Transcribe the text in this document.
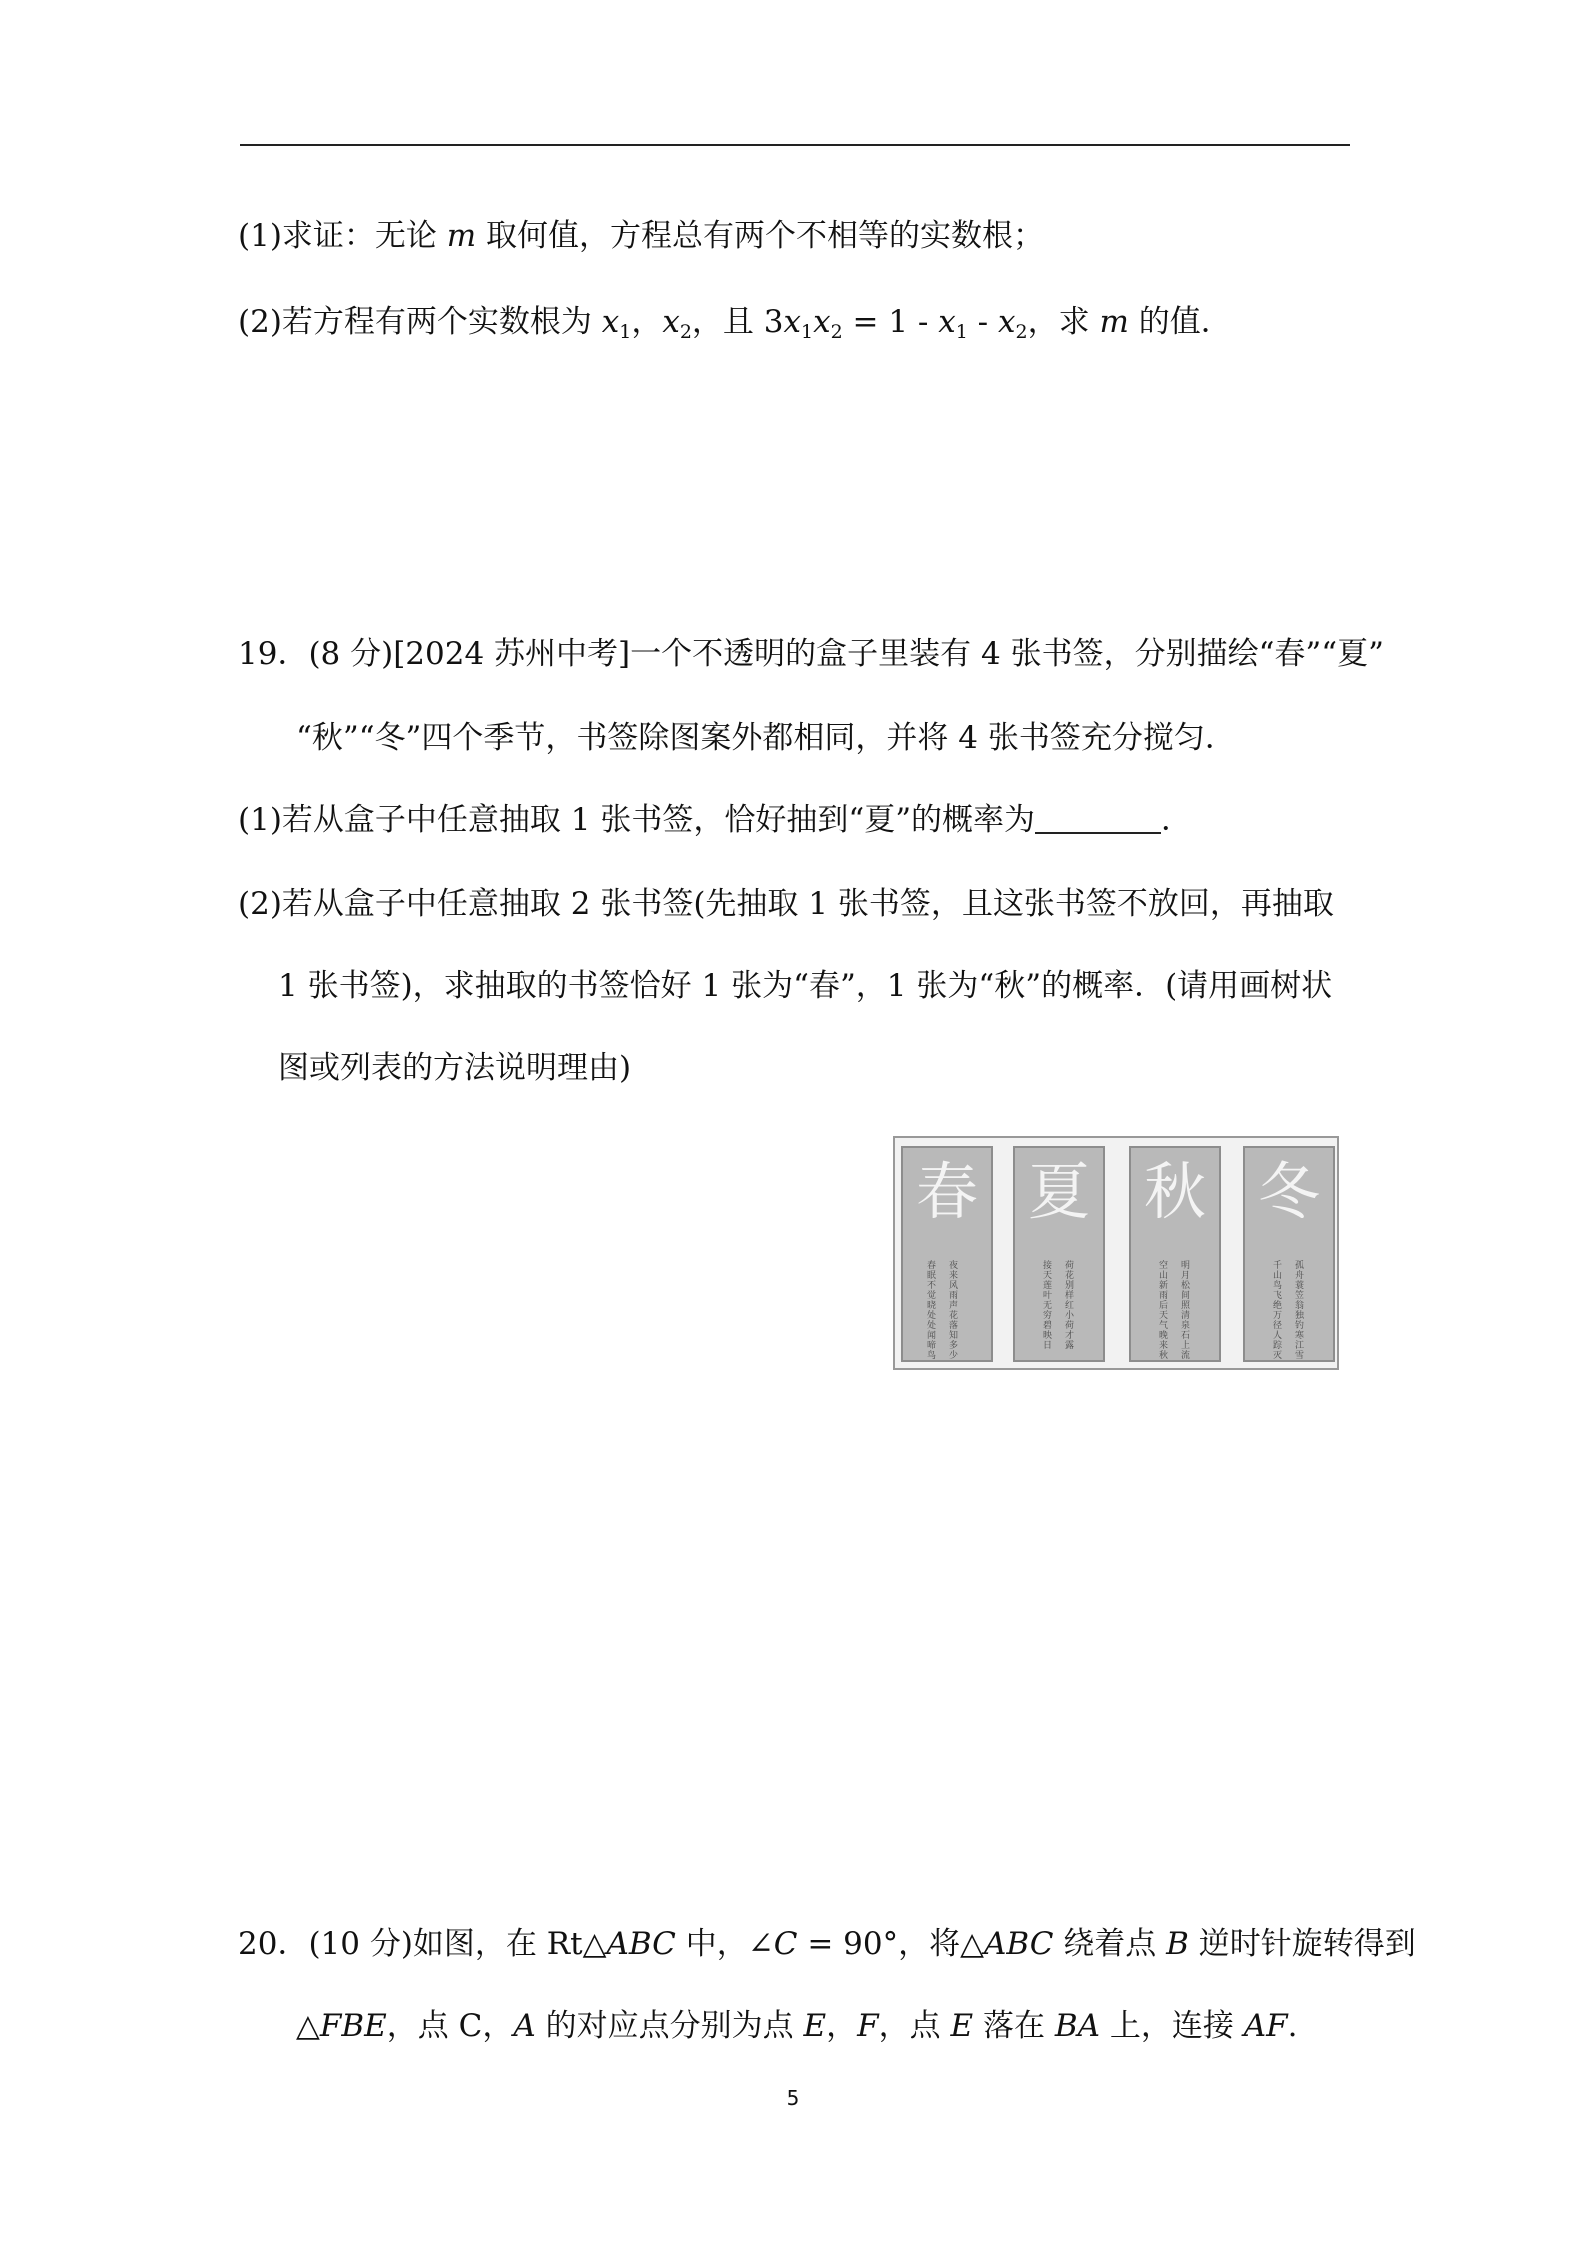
(1)求证：无论 m 取何值，方程总有两个不相等的实数根；
(2)若方程有两个实数根为 $x_1$，$x_2$，且 $3x_1x_2 = 1 - x_1 - x_2$，求 m 的值．
19．(8 分)[2024 苏州中考]一个不透明的盒子里装有 4 张书签，分别描绘“春”“夏”
“秋”“冬”四个季节，书签除图案外都相同，并将 4 张书签充分搅匀．
(1)若从盒子中任意抽取 1 张书签，恰好抽到“夏”的概率为	．
(2)若从盒子中任意抽取 2 张书签(先抽取 1 张书签，且这张书签不放回，再抽取
1 张书签)，求抽取的书签恰好 1 张为“春”，1 张为“秋”的概率．(请用画树状
图或列表的方法说明理由)
春
春眠不觉晓处处闻啼鸟 夜来风雨声花落知多少
夏
接天莲叶无穷碧映日 荷花别样红小荷才露
秋
空山新雨后天气晚来秋 明月松间照清泉石上流
冬
千山鸟飞绝万径人踪灭 孤舟蓑笠翁独钓寒江雪
20．(10 分)如图，在 Rt△ABC 中，∠C = 90°，将△ABC 绕着点 B 逆时针旋转得到
△FBE，点 C，A 的对应点分别为点 E，F，点 E 落在 BA 上，连接 AF.
5
